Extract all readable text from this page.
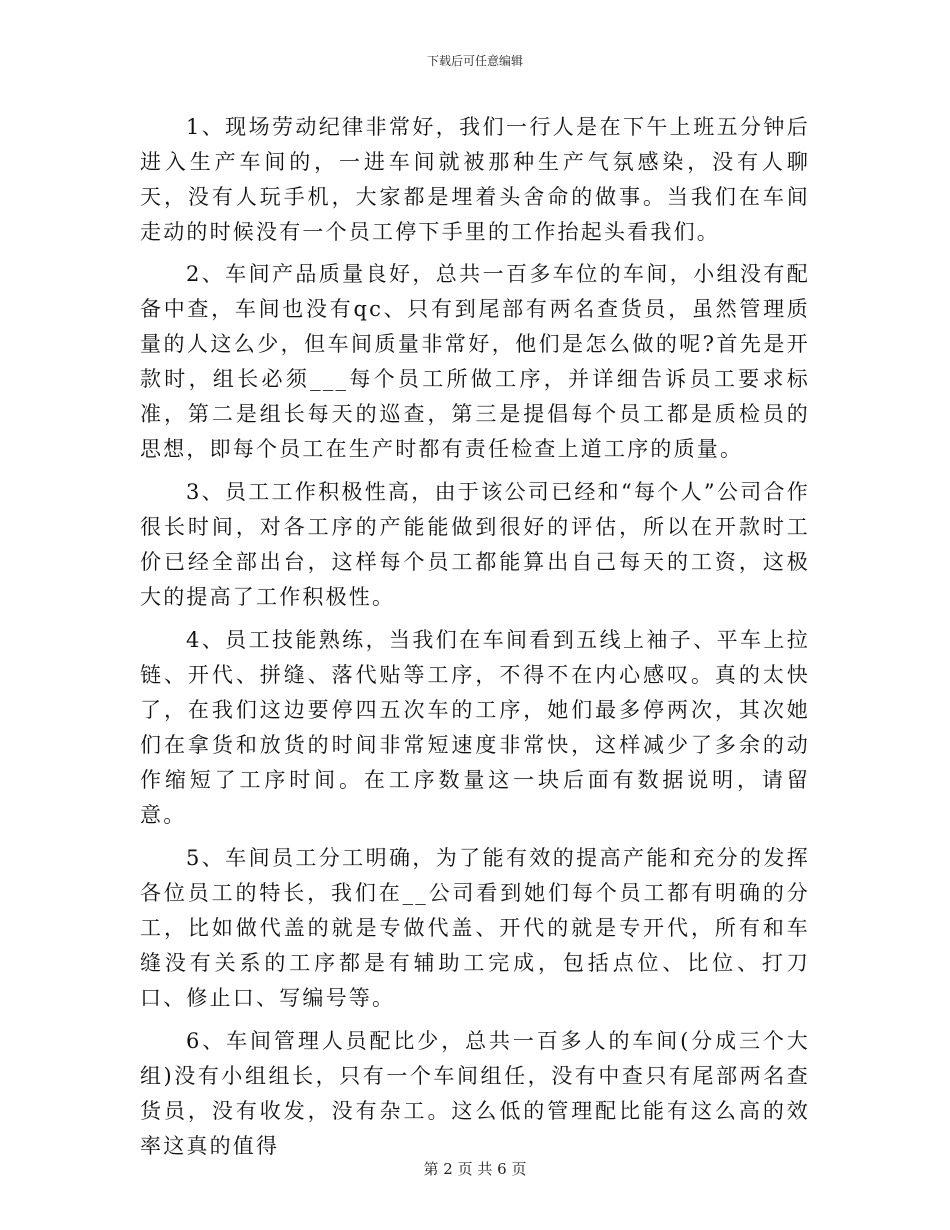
下载后可任意编辑

1、现场劳动纪律非常好，我们一行人是在下午上班五分钟后进入生产车间的，一进车间就被那种生产气氛感染，没有人聊天，没有人玩手机，大家都是埋着头舍命的做事。当我们在车间走动的时候没有一个员工停下手里的工作抬起头看我们。

2、车间产品质量良好，总共一百多车位的车间，小组没有配备中查，车间也没有qc、只有到尾部有两名查货员，虽然管理质量的人这么少，但车间质量非常好，他们是怎么做的呢?首先是开款时，组长必须___每个员工所做工序，并详细告诉员工要求标准，第二是组长每天的巡查，第三是提倡每个员工都是质检员的思想，即每个员工在生产时都有责任检查上道工序的质量。

3、员工工作积极性高，由于该公司已经和“每个人”公司合作很长时间，对各工序的产能能做到很好的评估，所以在开款时工价已经全部出台，这样每个员工都能算出自己每天的工资，这极大的提高了工作积极性。

4、员工技能熟练，当我们在车间看到五线上袖子、平车上拉链、开代、拼缝、落代贴等工序，不得不在内心感叹。真的太快了，在我们这边要停四五次车的工序，她们最多停两次，其次她们在拿货和放货的时间非常短速度非常快，这样减少了多余的动作缩短了工序时间。在工序数量这一块后面有数据说明，请留意。

5、车间员工分工明确，为了能有效的提高产能和充分的发挥各位员工的特长，我们在__公司看到她们每个员工都有明确的分工，比如做代盖的就是专做代盖、开代的就是专开代，所有和车缝没有关系的工序都是有辅助工完成，包括点位、比位、打刀口、修止口、写编号等。

6、车间管理人员配比少，总共一百多人的车间(分成三个大组)没有小组组长，只有一个车间组任，没有中查只有尾部两名查货员，没有收发，没有杂工。这么低的管理配比能有这么高的效率这真的值得

第 2 页 共 6 页
